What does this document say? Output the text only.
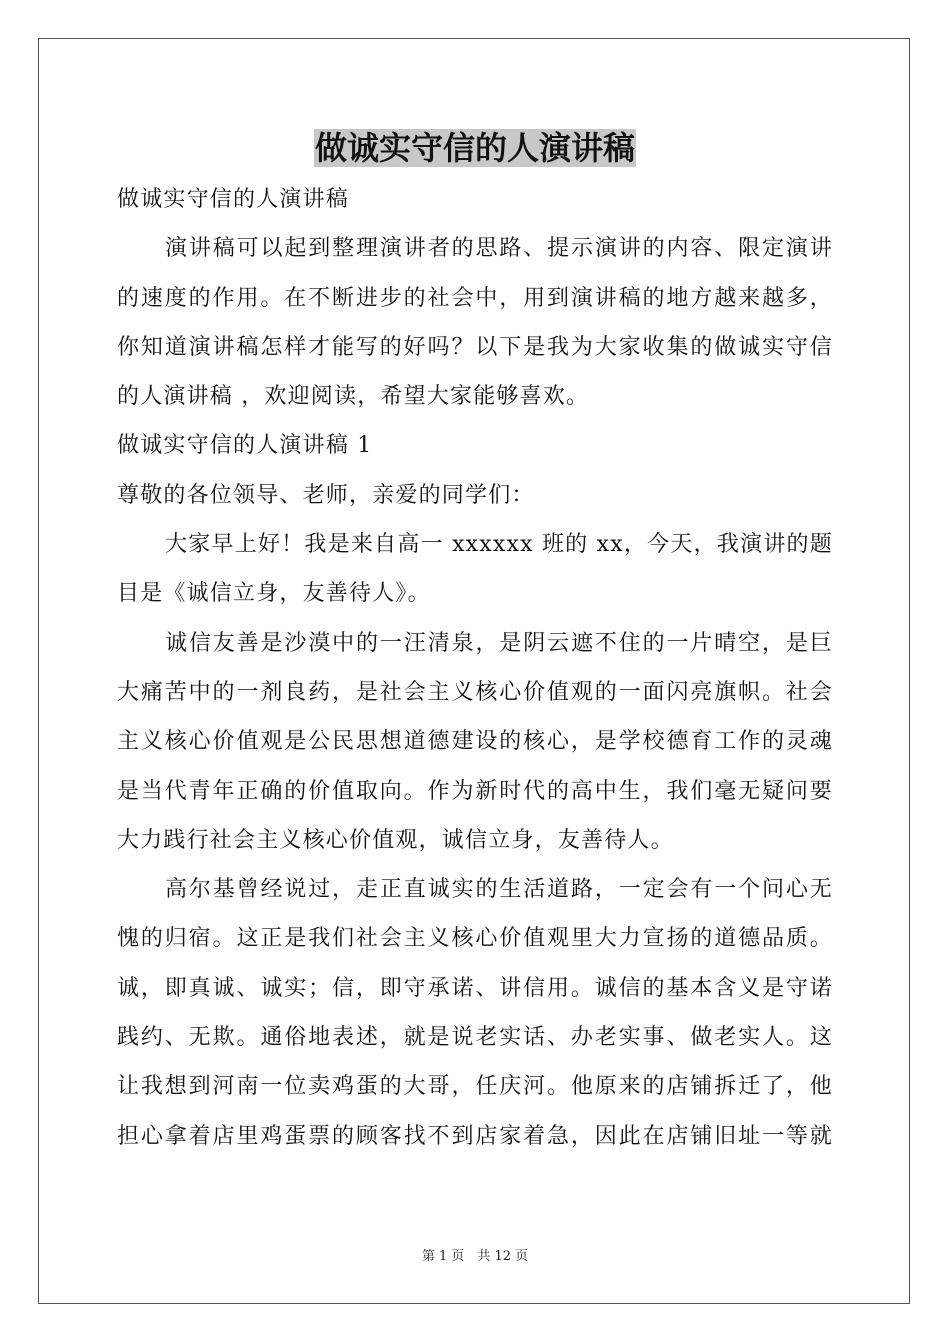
做诚实守信的人演讲稿

做诚实守信的人演讲稿

演讲稿可以起到整理演讲者的思路、提示演讲的内容、限定演讲

的速度的作用。在不断进步的社会中，用到演讲稿的地方越来越多，

你知道演讲稿怎样才能写的好吗？以下是我为大家收集的做诚实守信

的人演讲稿 ，欢迎阅读，希望大家能够喜欢。

做诚实守信的人演讲稿 1

尊敬的各位领导、老师，亲爱的同学们：

大家早上好！我是来自高一 xxxxxx 班的 xx，今天，我演讲的题

目是《诚信立身，友善待人》。

诚信友善是沙漠中的一汪清泉，是阴云遮不住的一片晴空，是巨

大痛苦中的一剂良药，是社会主义核心价值观的一面闪亮旗帜。社会

主义核心价值观是公民思想道德建设的核心，是学校德育工作的灵魂

是当代青年正确的价值取向。作为新时代的高中生，我们毫无疑问要

大力践行社会主义核心价值观，诚信立身，友善待人。

高尔基曾经说过，走正直诚实的生活道路，一定会有一个问心无

愧的归宿。这正是我们社会主义核心价值观里大力宣扬的道德品质。

诚，即真诚、诚实；信，即守承诺、讲信用。诚信的基本含义是守诺

践约、无欺。通俗地表述，就是说老实话、办老实事、做老实人。这

让我想到河南一位卖鸡蛋的大哥，任庆河。他原来的店铺拆迁了，他

担心拿着店里鸡蛋票的顾客找不到店家着急，因此在店铺旧址一等就

第 1 页　共 12 页
